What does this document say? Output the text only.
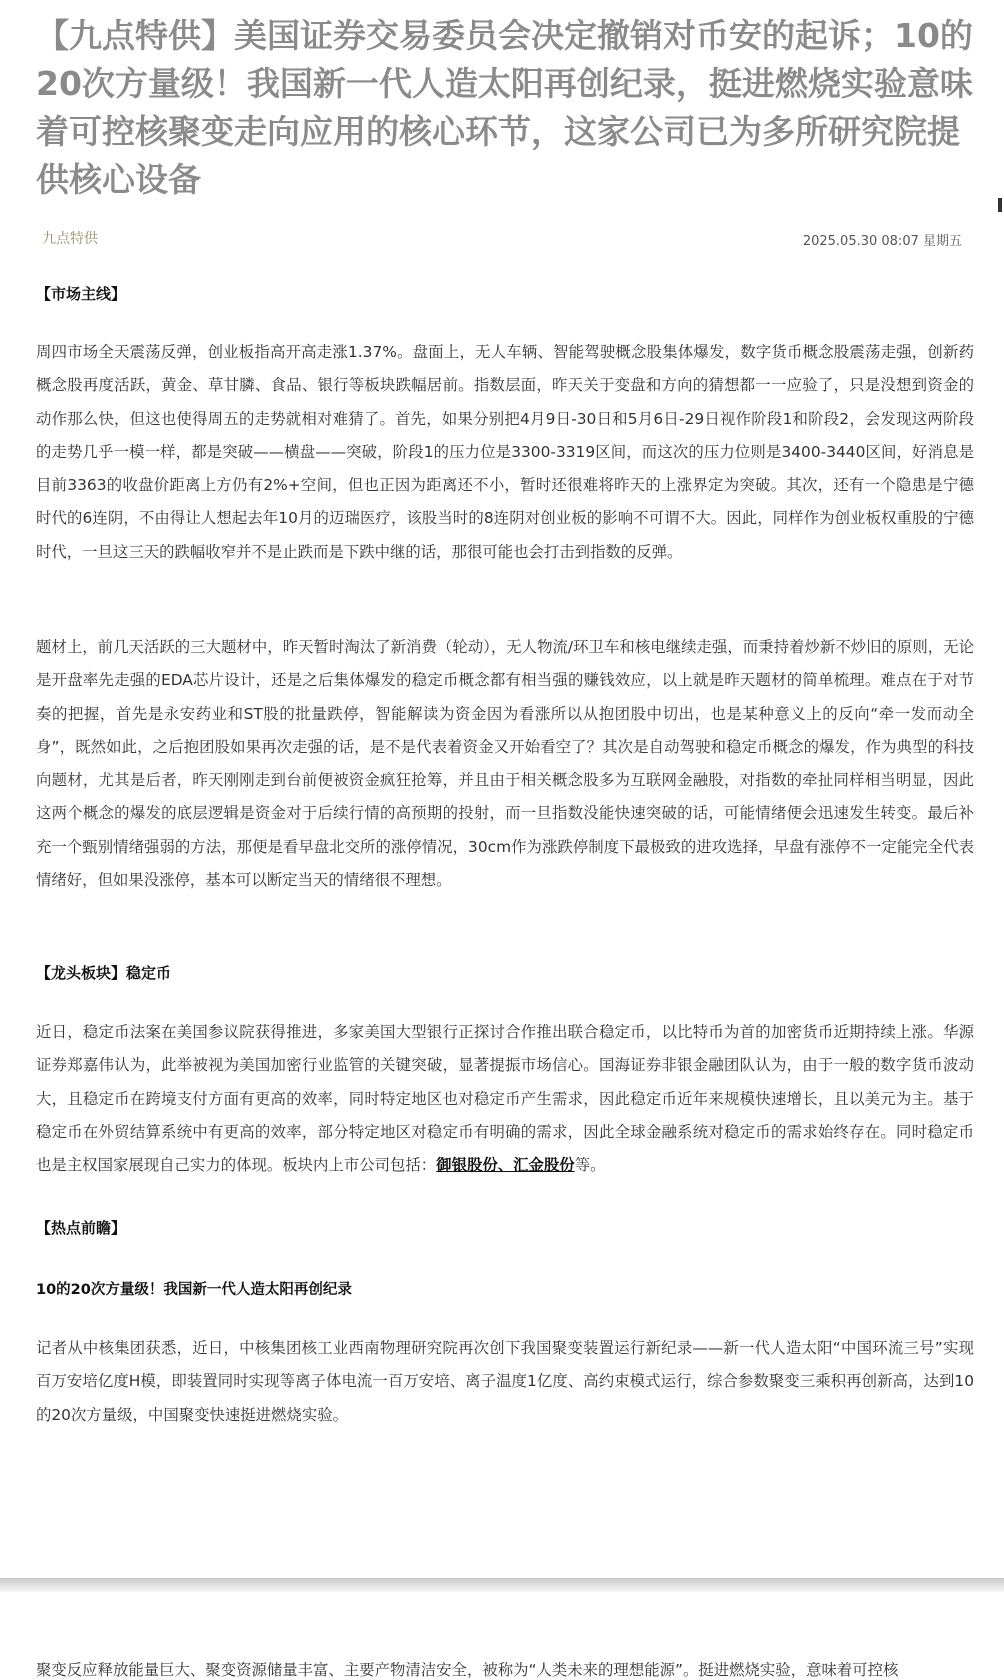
【九点特供】美国证券交易委员会决定撤销对币安的起诉；10的20次方量级！我国新一代人造太阳再创纪录，挺进燃烧实验意味着可控核聚变走向应用的核心环节，这家公司已为多所研究院提供核心设备
九点特供	2025.05.30 08:07 星期五
【市场主线】

周四市场全天震荡反弹，创业板指高开高走涨1.37%。盘面上，无人车辆、智能驾驶概念股集体爆发，数字货币概念股震荡走强，创新药概念股再度活跃，黄金、草甘膦、食品、银行等板块跌幅居前。指数层面，昨天关于变盘和方向的猜想都一一应验了，只是没想到资金的动作那么快，但这也使得周五的走势就相对难猜了。首先，如果分别把4月9日-30日和5月6日-29日视作阶段1和阶段2，会发现这两阶段的走势几乎一模一样，都是突破——横盘——突破，阶段1的压力位是3300-3319区间，而这次的压力位则是3400-3440区间，好消息是目前3363的收盘价距离上方仍有2%+空间，但也正因为距离还不小，暂时还很难将昨天的上涨界定为突破。其次，还有一个隐患是宁德时代的6连阴，不由得让人想起去年10月的迈瑞医疗，该股当时的8连阴对创业板的影响不可谓不大。因此，同样作为创业板权重股的宁德时代，一旦这三天的跌幅收窄并不是止跌而是下跌中继的话，那很可能也会打击到指数的反弹。

题材上，前几天活跃的三大题材中，昨天暂时淘汰了新消费（轮动），无人物流/环卫车和核电继续走强，而秉持着炒新不炒旧的原则，无论是开盘率先走强的EDA芯片设计，还是之后集体爆发的稳定币概念都有相当强的赚钱效应，以上就是昨天题材的简单梳理。难点在于对节奏的把握，首先是永安药业和ST股的批量跌停，智能解读为资金因为看涨所以从抱团股中切出，也是某种意义上的反向“牵一发而动全身”，既然如此，之后抱团股如果再次走强的话，是不是代表着资金又开始看空了？其次是自动驾驶和稳定币概念的爆发，作为典型的科技向题材，尤其是后者，昨天刚刚走到台前便被资金疯狂抢筹，并且由于相关概念股多为互联网金融股，对指数的牵扯同样相当明显，因此这两个概念的爆发的底层逻辑是资金对于后续行情的高预期的投射，而一旦指数没能快速突破的话，可能情绪便会迅速发生转变。最后补充一个甄别情绪强弱的方法，那便是看早盘北交所的涨停情况，30cm作为涨跌停制度下最极致的进攻选择，早盘有涨停不一定能完全代表情绪好，但如果没涨停，基本可以断定当天的情绪很不理想。

【龙头板块】稳定币

近日，稳定币法案在美国参议院获得推进，多家美国大型银行正探讨合作推出联合稳定币，以比特币为首的加密货币近期持续上涨。华源证券郑嘉伟认为，此举被视为美国加密行业监管的关键突破，显著提振市场信心。国海证券非银金融团队认为，由于一般的数字货币波动大，且稳定币在跨境支付方面有更高的效率，同时特定地区也对稳定币产生需求，因此稳定币近年来规模快速增长，且以美元为主。基于稳定币在外贸结算系统中有更高的效率，部分特定地区对稳定币有明确的需求，因此全球金融系统对稳定币的需求始终存在。同时稳定币也是主权国家展现自己实力的体现。板块内上市公司包括：御银股份、汇金股份等。

【热点前瞻】
10的20次方量级！我国新一代人造太阳再创纪录

记者从中核集团获悉，近日，中核集团核工业西南物理研究院再次创下我国聚变装置运行新纪录——新一代人造太阳“中国环流三号”实现百万安培亿度H模，即装置同时实现等离子体电流一百万安培、离子温度1亿度、高约束模式运行，综合参数聚变三乘积再创新高，达到10的20次方量级，中国聚变快速挺进燃烧实验。

聚变反应释放能量巨大、聚变资源储量丰富、主要产物清洁安全，被称为“人类未来的理想能源”。挺进燃烧实验，意味着可控核
